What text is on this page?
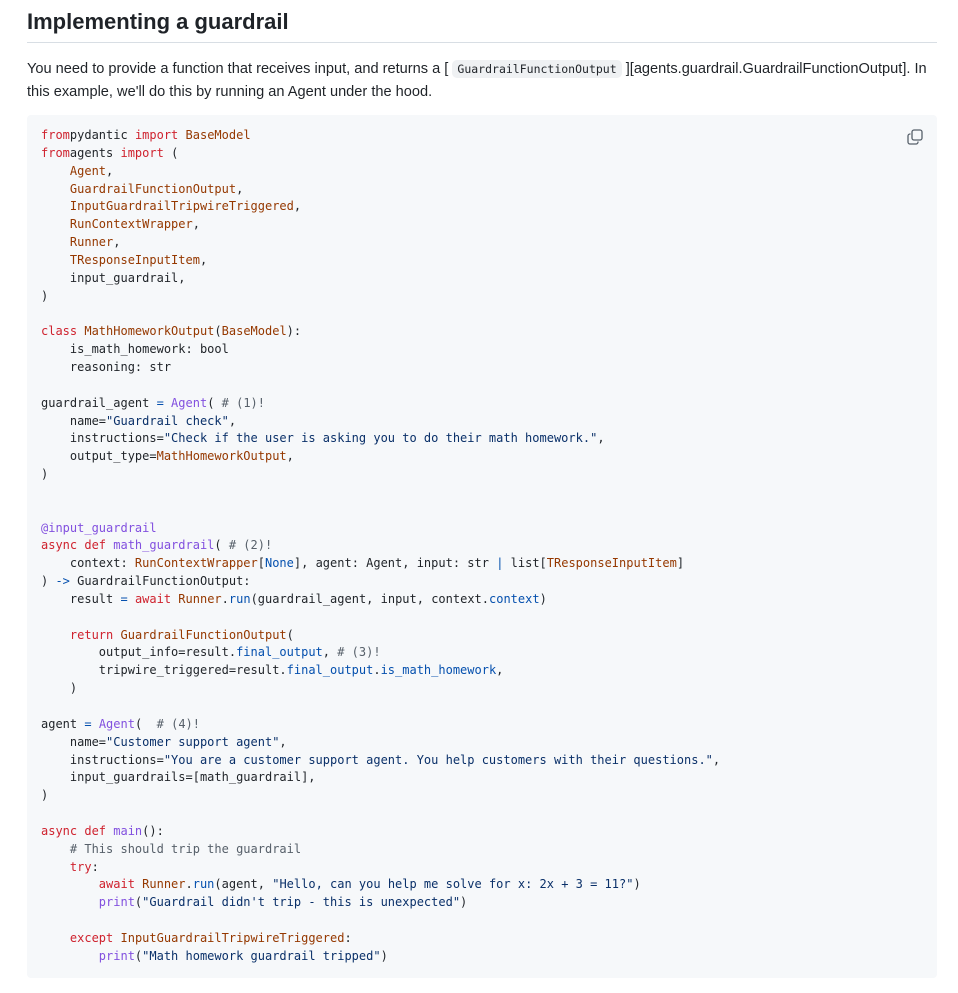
Implementing a guardrail

You need to provide a function that receives input, and returns a [ GuardrailFunctionOutput ][agents.guardrail.GuardrailFunctionOutput]. In this example, we'll do this by running an Agent under the hood.

frompydantic import BaseModel
fromagents import (
Agent,
GuardrailFunctionOutput,
InputGuardrailTripwireTriggered,
RunContextWrapper,
Runner,
TResponseInputItem,
input_guardrail,
)

class MathHomeworkOutput(BaseModel):
is_math_homework: bool
reasoning: str

guardrail_agent = Agent( # (1)!
name="Guardrail check",
instructions="Check if the user is asking you to do their math homework.",
output_type=MathHomeworkOutput,
)

@input_guardrail
async def math_guardrail( # (2)!
context: RunContextWrapper[None], agent: Agent, input: str | list[TResponseInputItem]
) -> GuardrailFunctionOutput:
result = await Runner.run(guardrail_agent, input, context.context)

return GuardrailFunctionOutput(
output_info=result.final_output, # (3)!
tripwire_triggered=result.final_output.is_math_homework,
)

agent = Agent(  # (4)!
name="Customer support agent",
instructions="You are a customer support agent. You help customers with their questions.",
input_guardrails=[math_guardrail],
)

async def main():
# This should trip the guardrail
try:
await Runner.run(agent, "Hello, can you help me solve for x: 2x + 3 = 11?")
print("Guardrail didn't trip - this is unexpected")

except InputGuardrailTripwireTriggered:
print("Math homework guardrail tripped")
